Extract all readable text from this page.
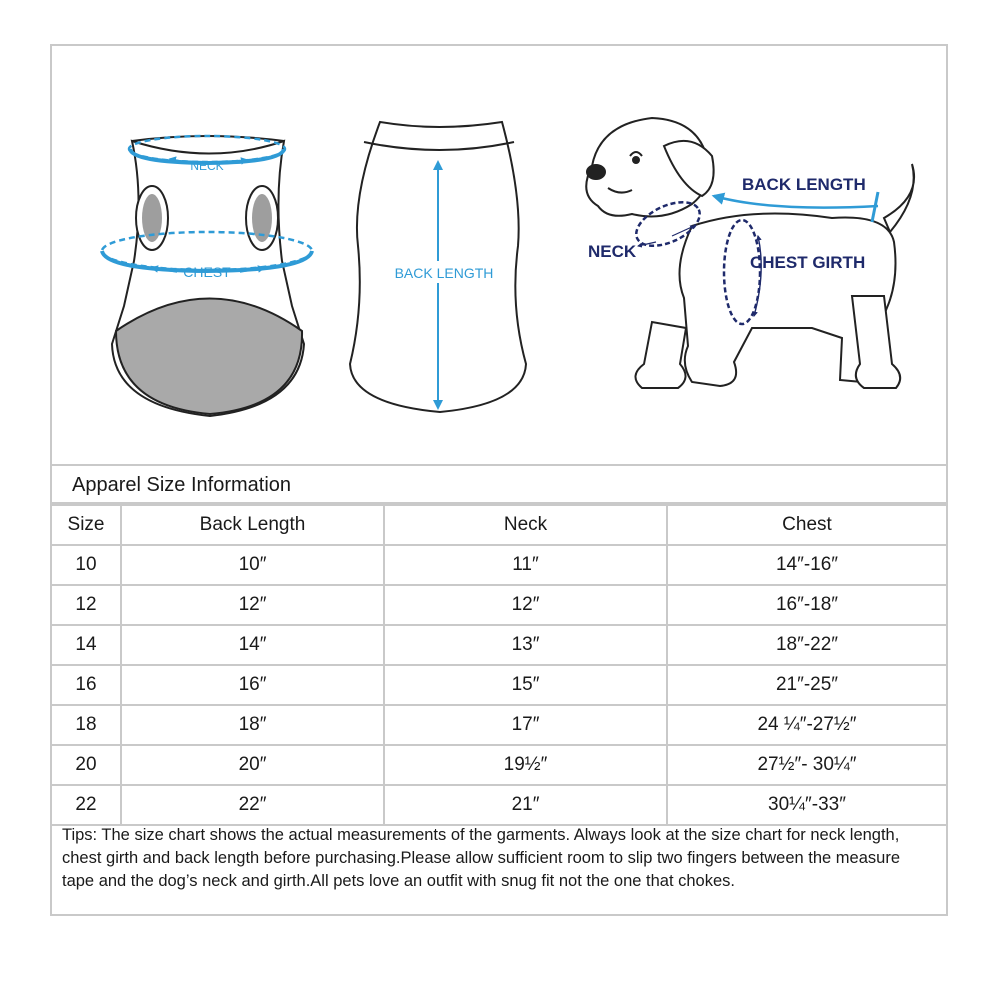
NECK
CHEST	BACK LENGTH
BACK LENGTH
NECK
CHEST GIRTH
Apparel Size Information
Size	Back Length	Neck	Chest
10	10″	11″	14″-16″
12	12″	12″	16″-18″
14	14″	13″	18″-22″
16	16″	15″	21″-25″
18	18″	17″	24 ¼″-27½″
20	20″	19½″	27½″- 30¼″
22	22″	21″	30¼″-33″
Tips: The size chart shows the actual measurements of the garments. Always look at the size chart for neck length, chest girth and back length before purchasing.Please allow sufficient room to slip two fingers between the measure tape and the dog’s neck and girth.All pets love an outfit with snug fit not the one that chokes.
